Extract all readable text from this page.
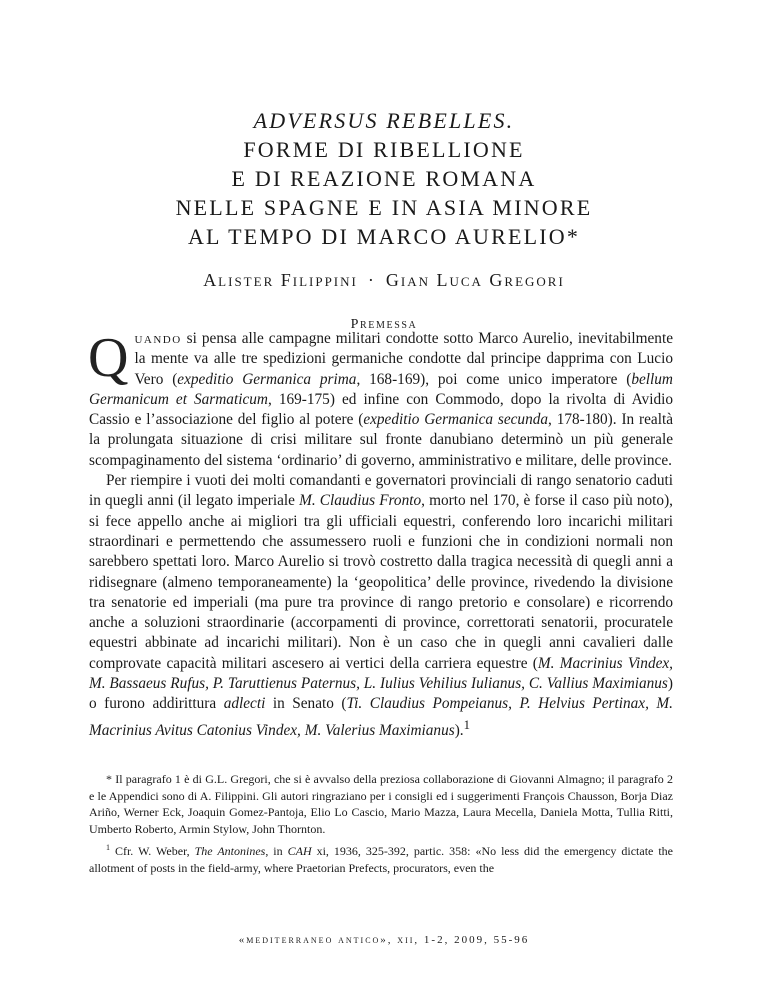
ADVERSUS REBELLES.
FORME DI RIBELLIONE
E DI REAZIONE ROMANA
NELLE SPAGNE E IN ASIA MINORE
AL TEMPO DI MARCO AURELIO*
Alister Filippini · Gian Luca Gregori
Premessa

Quando si pensa alle campagne militari condotte sotto Marco Aurelio, inevitabilmente la mente va alle tre spedizioni germaniche condotte dal principe dapprima con Lucio Vero (expeditio Germanica prima, 168-169), poi come unico imperatore (bellum Germanicum et Sarmaticum, 169-175) ed infine con Commodo, dopo la rivolta di Avidio Cassio e l’associazione del figlio al potere (expeditio Germanica secunda, 178-180). In realtà la prolungata situazione di crisi militare sul fronte danubiano determinò un più generale scompaginamento del sistema ‘ordinario’ di governo, amministrativo e militare, delle province.

Per riempire i vuoti dei molti comandanti e governatori provinciali di rango senatorio caduti in quegli anni (il legato imperiale M. Claudius Fronto, morto nel 170, è forse il caso più noto), si fece appello anche ai migliori tra gli ufficiali equestri, conferendo loro incarichi militari straordinari e permettendo che assumessero ruoli e funzioni che in condizioni normali non sarebbero spettati loro. Marco Aurelio si trovò costretto dalla tragica necessità di quegli anni a ridisegnare (almeno temporaneamente) la ‘geopolitica’ delle province, rivedendo la divisione tra senatorie ed imperiali (ma pure tra province di rango pretorio e consolare) e ricorrendo anche a soluzioni straordinarie (accorpamenti di province, correttorati senatorii, procuratele equestri abbinate ad incarichi militari). Non è un caso che in quegli anni cavalieri dalle comprovate capacità militari ascesero ai vertici della carriera equestre (M. Macrinius Vindex, M. Bassaeus Rufus, P. Taruttienus Paternus, L. Iulius Vehilius Iulianus, C. Vallius Maximianus) o furono addirittura adlecti in Senato (Ti. Claudius Pompeianus, P. Helvius Pertinax, M. Macrinius Avitus Catonius Vindex, M. Valerius Maximianus).$^1$

* Il paragrafo 1 è di G.L. Gregori, che si è avvalso della preziosa collaborazione di Giovanni Almagno; il paragrafo 2 e le Appendici sono di A. Filippini. Gli autori ringraziano per i consigli ed i suggerimenti François Chausson, Borja Diaz Ariño, Werner Eck, Joaquin Gomez-Pantoja, Elio Lo Cascio, Mario Mazza, Laura Mecella, Daniela Motta, Tullia Ritti, Umberto Roberto, Armin Stylow, John Thornton.

$^1$ Cfr. W. Weber, The Antonines, in CAH xi, 1936, 325-392, partic. 358: «No less did the emergency dictate the allotment of posts in the field-army, where Praetorian Prefects, procurators, even the

«mediterraneo antico», xii, 1-2, 2009, 55-96
